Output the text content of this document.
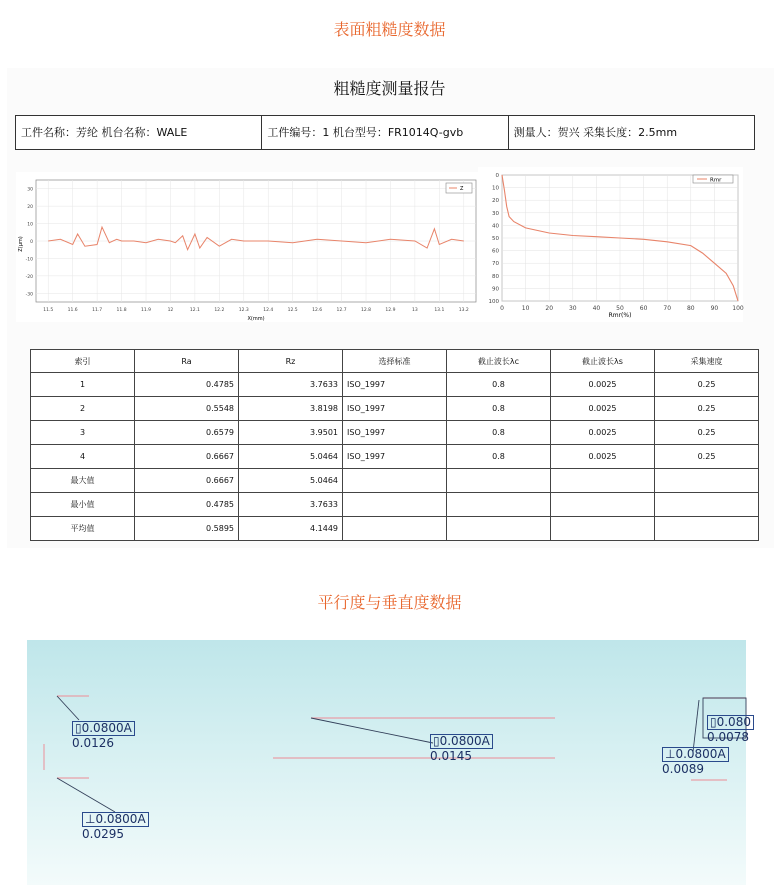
表面粗糙度数据
粗糙度测量报告
工件名称：芳纶 机台名称：WALE	工件编号：1 机台型号：FR1014Q-gvb	测量人：贺兴 采集长度：2.5mm
30
20
10
0
-10
-20
-30
11.5	11.6	11.7	11.8	11.9	12	12.1	12.2	12.3	12.4	12.5	12.6	12.7	12.8	12.9	13	13.1	13.2
Z(μm)
X(mm)
Z
0
10
20
30
40
50
60
70
80
90
100
0	10	20	30	40	50	60	70	80	90 100
Rmr(%)
Rmr
索引	Ra	Rz	选择标准	截止波长λc	截止波长λs	采集速度
1	0.4785	3.7633	ISO_1997	0.8	0.0025	0.25
2	0.5548	3.8198	ISO_1997	0.8	0.0025	0.25
3	0.6579	3.9501	ISO_1997	0.8	0.0025	0.25
4	0.6667	5.0464	ISO_1997	0.8	0.0025	0.25
最大值	0.6667	5.0464				
最小值	0.4785	3.7633				
平均值	0.5895	4.1449				
平行度与垂直度数据
▯0.0800A
0.0126	▯0.0800A
0.0145	⊥0.0800A
0.0089
▯0.080
0.0078
⊥0.0800A
0.0295
